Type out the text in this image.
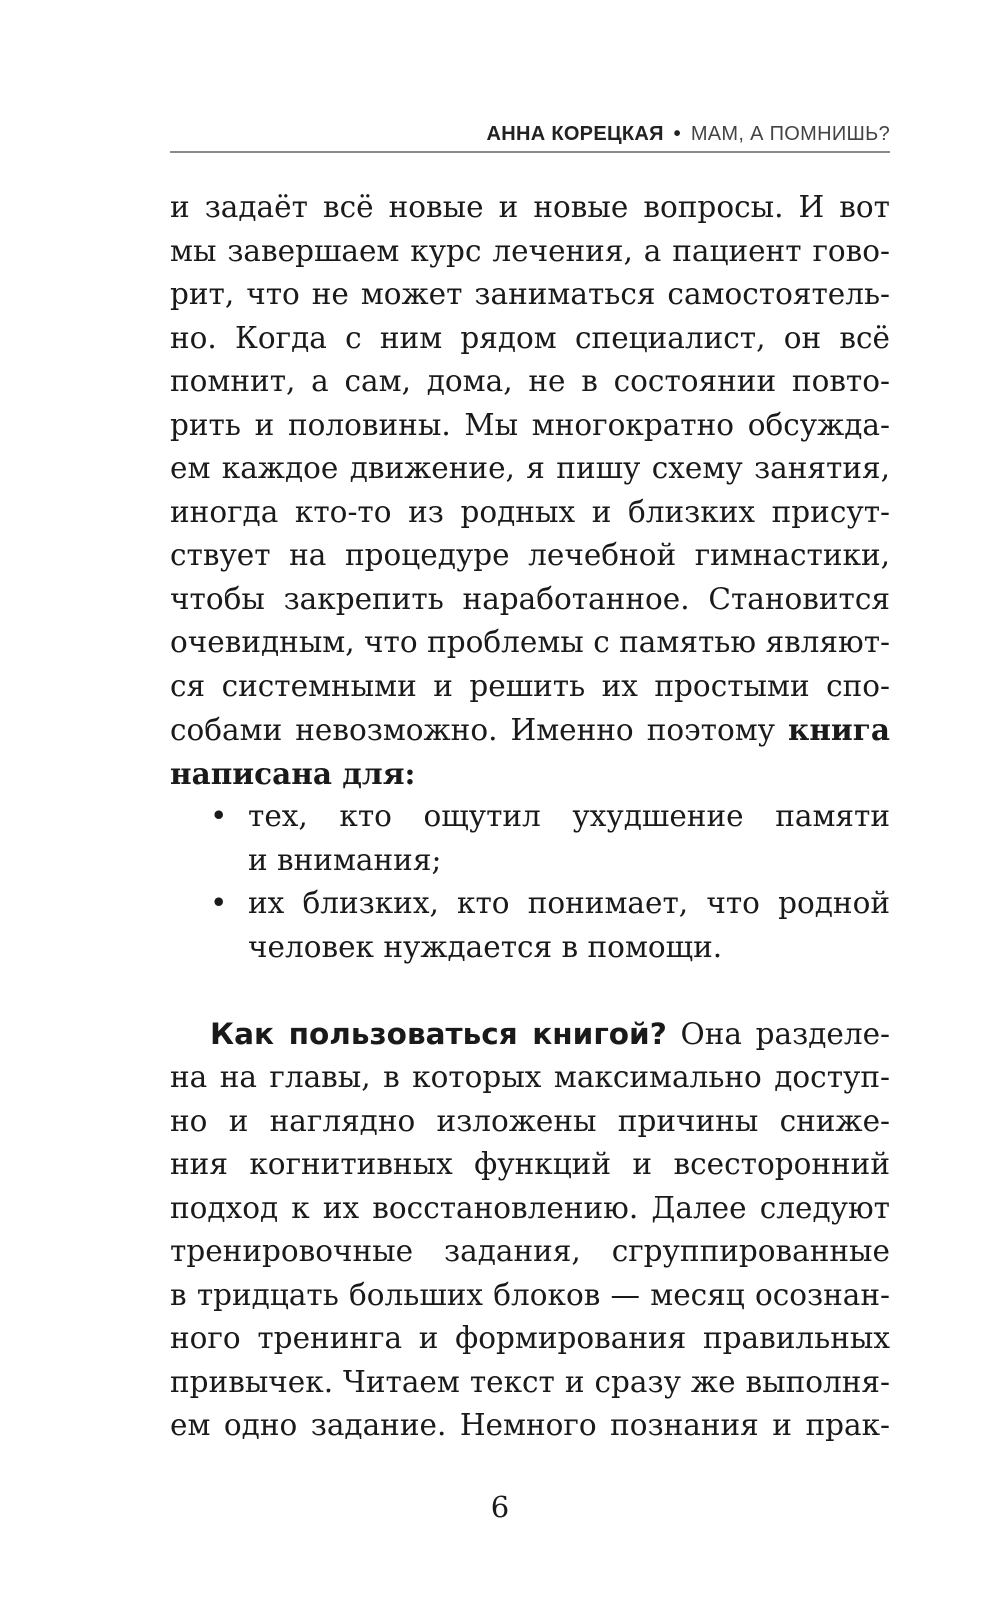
АННА КОРЕЦКАЯ • МАМ, А ПОМНИШЬ?
и задаёт всё новые и новые вопросы. И вот
мы завершаем курс лечения, а пациент гово-
рит, что не может заниматься самостоятель-
но. Когда с ним рядом специалист, он всё
помнит, а сам, дома, не в состоянии повто-
рить и половины. Мы многократно обсужда-
ем каждое движение, я пишу схему занятия,
иногда кто-то из родных и близких присут-
ствует на процедуре лечебной гимнастики,
чтобы закрепить наработанное. Становится
очевидным, что проблемы с памятью являют-
ся системными и решить их простыми спо-
собами невозможно. Именно поэтому книга
написана для:
• тех, кто ощутил ухудшение памяти
и внимания;
• их близких, кто понимает, что родной
человек нуждается в помощи.
Как пользоваться книгой? Она разделе-
на на главы, в которых максимально доступ-
но и наглядно изложены причины сниже-
ния когнитивных функций и всесторонний
подход к их восстановлению. Далее следуют
тренировочные задания, сгруппированные
в тридцать больших блоков — месяц осознан-
ного тренинга и формирования правильных
привычек. Читаем текст и сразу же выполня-
ем одно задание. Немного познания и прак-
6
